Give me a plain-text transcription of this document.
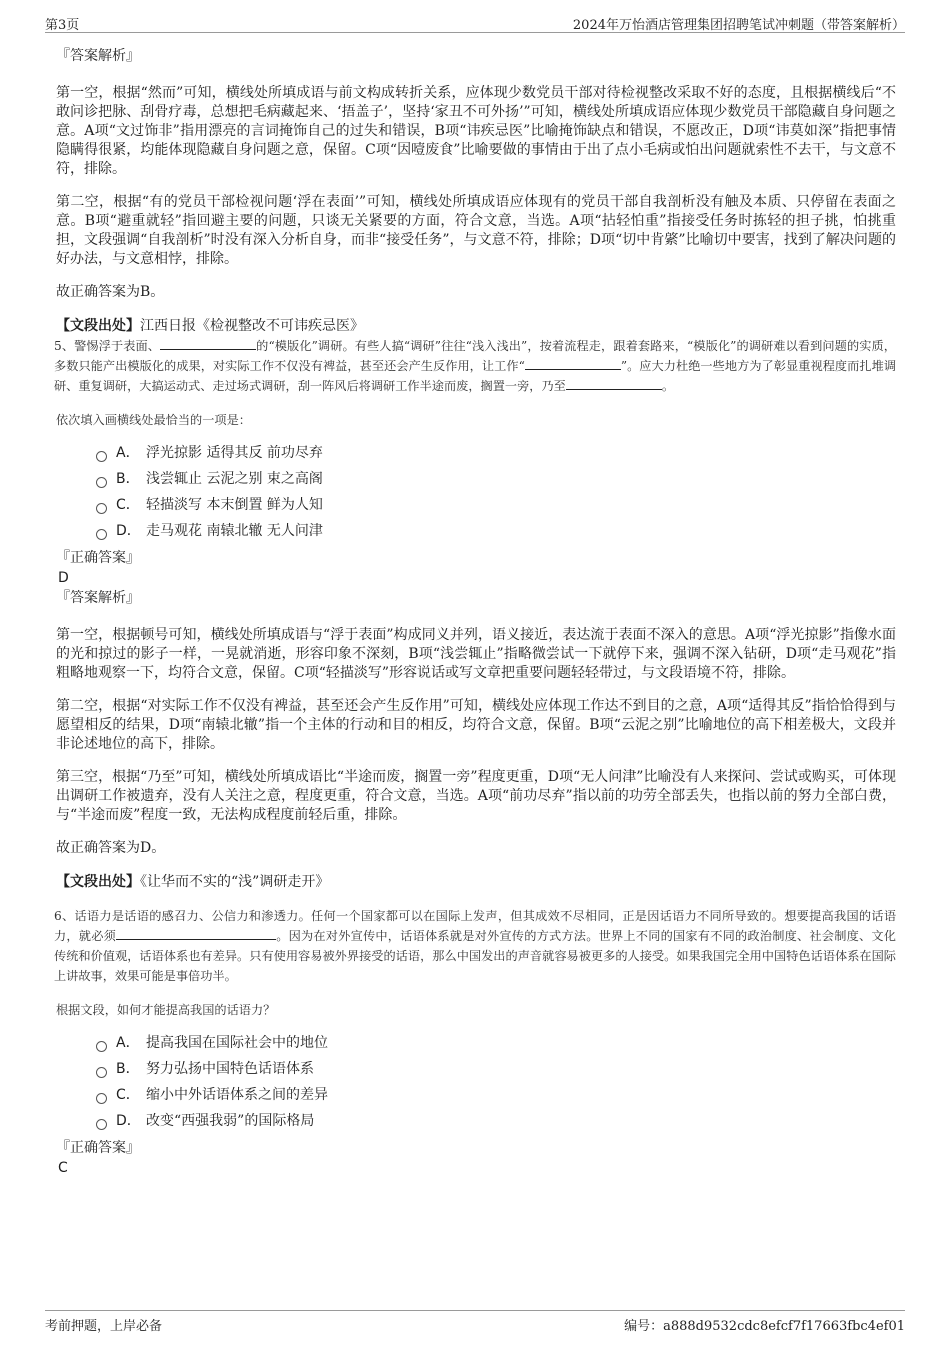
第3页	2024年万怡酒店管理集团招聘笔试冲刺题（带答案解析）
『答案解析』

第一空，根据“然而”可知，横线处所填成语与前文构成转折关系，应体现少数党员干部对待检视整改采取不好的态度，且根据横线后“不敢问诊把脉、刮骨疗毒，总想把毛病藏起来、‘捂盖子’，坚持‘家丑不可外扬’”可知，横线处所填成语应体现少数党员干部隐藏自身问题之意。A项“文过饰非”指用漂亮的言词掩饰自己的过失和错误，B项“讳疾忌医”比喻掩饰缺点和错误，不愿改正，D项“讳莫如深”指把事情隐瞒得很紧，均能体现隐藏自身问题之意，保留。C项“因噎废食”比喻要做的事情由于出了点小毛病或怕出问题就索性不去干，与文意不符，排除。

第二空，根据“有的党员干部检视问题‘浮在表面’”可知，横线处所填成语应体现有的党员干部自我剖析没有触及本质、只停留在表面之意。B项“避重就轻”指回避主要的问题，只谈无关紧要的方面，符合文意，当选。A项“拈轻怕重”指接受任务时拣轻的担子挑，怕挑重担，文段强调“自我剖析”时没有深入分析自身，而非“接受任务”，与文意不符，排除；D项“切中肯綮”比喻切中要害，找到了解决问题的好办法，与文意相悖，排除。

故正确答案为B。

【文段出处】江西日报《检视整改不可讳疾忌医》
5、警惕浮于表面、	的“模版化”调研。有些人搞“调研”往往“浅入浅出”，按着流程走，跟着套路来，“模版化”的调研难以看到问题的实质，多数只能产出模版化的成果，对实际工作不仅没有裨益，甚至还会产生反作用，让工作“	”。应大力杜绝一些地方为了彰显重视程度而扎堆调研、重复调研，大搞运动式、走过场式调研，刮一阵风后将调研工作半途而废，搁置一旁，乃至	。
依次填入画横线处最恰当的一项是：
A． 浮光掠影 适得其反 前功尽弃
B． 浅尝辄止 云泥之别 束之高阁
C． 轻描淡写 本末倒置 鲜为人知
D． 走马观花 南辕北辙 无人问津
『正确答案』
D
『答案解析』

第一空，根据顿号可知，横线处所填成语与“浮于表面”构成同义并列，语义接近，表达流于表面不深入的意思。A项“浮光掠影”指像水面的光和掠过的影子一样，一晃就消逝，形容印象不深刻，B项“浅尝辄止”指略微尝试一下就停下来，强调不深入钻研，D项“走马观花”指粗略地观察一下，均符合文意，保留。C项“轻描淡写”形容说话或写文章把重要问题轻轻带过，与文段语境不符，排除。

第二空，根据“对实际工作不仅没有裨益，甚至还会产生反作用”可知，横线处应体现工作达不到目的之意，A项“适得其反”指恰恰得到与愿望相反的结果，D项“南辕北辙”指一个主体的行动和目的相反，均符合文意，保留。B项“云泥之别”比喻地位的高下相差极大，文段并非论述地位的高下，排除。

第三空，根据“乃至”可知，横线处所填成语比“半途而废，搁置一旁”程度更重，D项“无人问津”比喻没有人来探问、尝试或购买，可体现出调研工作被遗弃，没有人关注之意，程度更重，符合文意，当选。A项“前功尽弃”指以前的功劳全部丢失，也指以前的努力全部白费，与“半途而废”程度一致，无法构成程度前轻后重，排除。

故正确答案为D。

【文段出处】《让华而不实的“浅”调研走开》
6、话语力是话语的感召力、公信力和渗透力。任何一个国家都可以在国际上发声，但其成效不尽相同，正是因话语力不同所导致的。想要提高我国的话语力，就必须	。因为在对外宣传中，话语体系就是对外宣传的方式方法。世界上不同的国家有不同的政治制度、社会制度、文化传统和价值观，话语体系也有差异。只有使用容易被外界接受的话语，那么中国发出的声音就容易被更多的人接受。如果我国完全用中国特色话语体系在国际上讲故事，效果可能是事倍功半。
根据文段，如何才能提高我国的话语力？
A． 提高我国在国际社会中的地位
B． 努力弘扬中国特色话语体系
C． 缩小中外话语体系之间的差异
D． 改变“西强我弱”的国际格局
『正确答案』
C
考前押题，上岸必备	编号：a888d9532cdc8efcf7f17663fbc4ef01
